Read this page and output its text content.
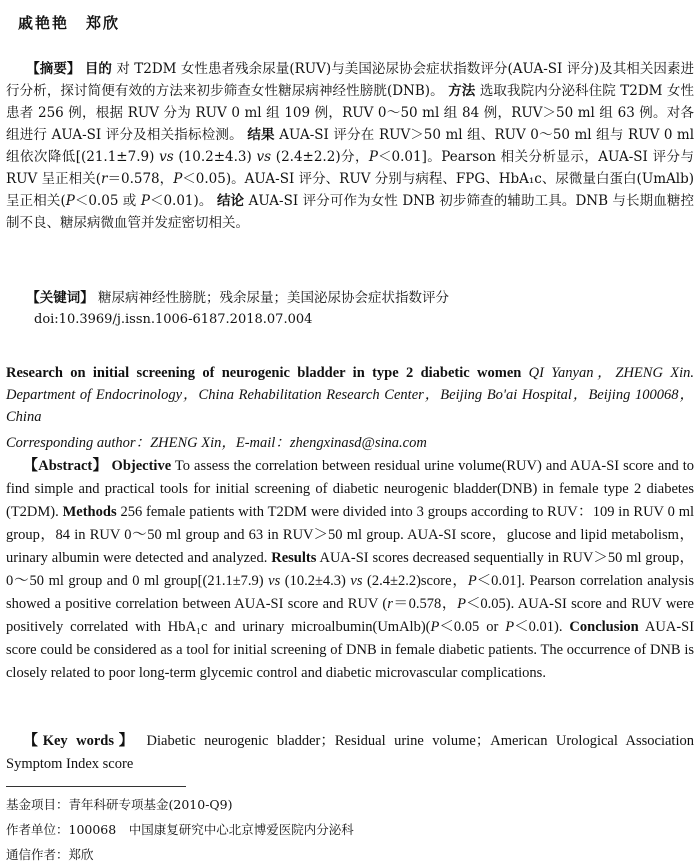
戚艳艳　郑欣
【摘要】 目的 对 T2DM 女性患者残余尿量(RUV)与美国泌尿协会症状指数评分(AUA-SI 评分)及其相关因素进行分析，探讨简便有效的方法来初步筛查女性糖尿病神经性膀胱(DNB)。 方法 选取我院内分泌科住院 T2DM 女性患者 256 例，根据 RUV 分为 RUV 0 ml 组 109 例，RUV 0～50 ml 组 84 例，RUV＞50 ml 组 63 例。对各组进行 AUA-SI 评分及相关指标检测。 结果 AUA-SI 评分在 RUV＞50 ml 组、RUV 0～50 ml 组与 RUV 0 ml 组依次降低[(21.1±7.9) vs (10.2±4.3) vs (2.4±2.2)分，P＜0.01]。Pearson 相关分析显示，AUA-SI 评分与 RUV 呈正相关(r＝0.578，P＜0.05)。AUA-SI 评分、RUV 分别与病程、FPG、HbA₁c、尿微量白蛋白(UmAlb)呈正相关(P＜0.05 或 P＜0.01)。 结论 AUA-SI 评分可作为女性 DNB 初步筛查的辅助工具。DNB 与长期血糖控制不良、糖尿病微血管并发症密切相关。
【关键词】 糖尿病神经性膀胱；残余尿量；美国泌尿协会症状指数评分
doi:10.3969/j.issn.1006-6187.2018.07.004
Research on initial screening of neurogenic bladder in type 2 diabetic women QI Yanyan，ZHENG Xin. Department of Endocrinology，China Rehabilitation Research Center，Beijing Bo'ai Hospital，Beijing 100068，China
Corresponding author：ZHENG Xin，E-mail：zhengxinasd@sina.com
【Abstract】 Objective To assess the correlation between residual urine volume(RUV) and AUA-SI score and to find simple and practical tools for initial screening of diabetic neurogenic bladder(DNB) in female type 2 diabetes (T2DM). Methods 256 female patients with T2DM were divided into 3 groups according to RUV：109 in RUV 0 ml group，84 in RUV 0～50 ml group and 63 in RUV＞50 ml group. AUA-SI score，glucose and lipid metabolism，urinary albumin were detected and analyzed. Results AUA-SI scores decreased sequentially in RUV＞50 ml group，0～50 ml group and 0 ml group[(21.1±7.9) vs (10.2±4.3) vs (2.4±2.2)score，P＜0.01]. Pearson correlation analysis showed a positive correlation between AUA-SI score and RUV (r＝0.578，P＜0.05). AUA-SI score and RUV were positively correlated with HbA₁c and urinary microalbumin(UmAlb)(P＜0.05 or P＜0.01). Conclusion AUA-SI score could be considered as a tool for initial screening of DNB in female diabetic patients. The occurrence of DNB is closely related to poor long-term glycemic control and diabetic microvascular complications.
【Key words】 Diabetic neurogenic bladder；Residual urine volume；American Urological Association Symptom Index score
基金项目：青年科研专项基金(2010-Q9)
作者单位：100068　中国康复研究中心北京博爱医院内分泌科
通信作者：郑欣
